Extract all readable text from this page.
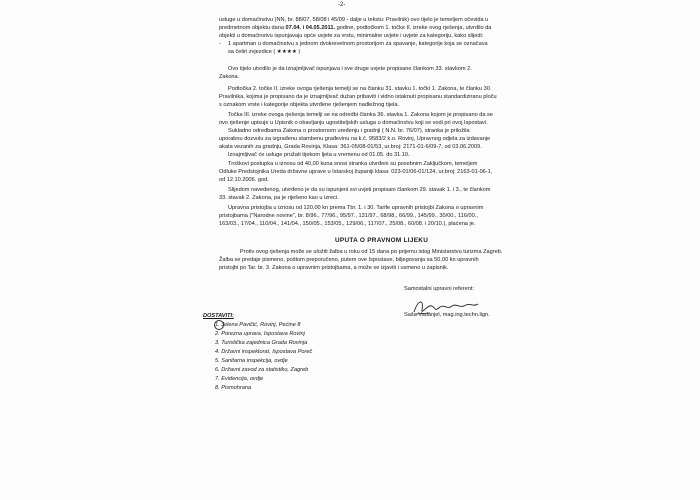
-2-
usluge u domaćinstvu (NN, br. 88/07, 58/08 i 45/09 - dalje u tekstu: Pravilnik) ovo tijelo je temeljem očevida u
predmetnom objektu dana 07.04. i 04.05.2011. godine, podtočkom 1. točke II. izreke ovog rješenja, utvrdilo da
objekti u domaćinstvu ispunjavaju opće uvjete za vrstu, minimalne uvjete i uvjete za kategoriju, kako slijedi:
- 1 apartman u domaćinstvu s jednom dvokrevetnom prostorijom za spavanje, kategorije koja se označava
sa četiri zvjezdice ( ★★★★ )
Ovo tijelo utvrdilo je da iznajmljivač ispunjava i sve druge uvjete propisane člankom 33. stavkom 2.
Zakona.
Podtočka 2. točke II. izreke ovoga rješenja temelji se na članku 31. stavku 1. točki 1. Zakona, te članku 30.
Pravilnika, kojima je propisano da je iznajmljivač dužan pribaviti i vidno istaknuti propisanu standardiziranu ploču
s oznakom vrste i kategorije objekta utvrđene rješenjem nadležnog tijela.
Točka III. izreke ovoga rješenja temelji se na odredbi članka 36. stavka 1. Zakona kojom je propisano da se
ovo rješenje upisuje u Upisnik o obavljanju ugostiteljskih usluga u domaćinstvu koji se vodi pri ovoj Ispostavi.
Sukladno odredbama Zakona o prostornom uređenju i gradnji ( N.N. br. 76/07), stranka je priložila
uporabnu dozvolu za izgrađenu stambenu građevinu na k.č. 9583/2 k.o. Rovinj, Upravnog odjela za izdavanje
akata vezanih za gradnju, Grada Rovinja, Klasa: 361-05/08-01/53, ur.broj: 2171-01-6/09-7, od 03.06.2009.
Iznajmljivač će usluge pružati tijekom ljeta u vremenu od 01.05. do 31.10.
Troškovi postupka u iznosu od 40,00 kuna snosi stranka utvrđeni su posebnim Zaključkom, temeljem
Odluke Predstojnika Ureda državne uprave u Istarskoj županiji klasa: 023-01/06-01/124, ur.broj: 2163-01-06-1,
od 12.10.2006. god.
Slijedom navedenog, utvrđeno je da su ispunjeni svi uvjeti propisani člankom 29. stavak 1. i 3., te člankom
33. stavak 2. Zakona, pa je riješeno kao u izreci.
Upravna pristojba u iznosu od 120,00 kn prema Tbr. 1. i 30. Tarife upravnih pristojbi Zakona o upravnim
pristojbama ("Narodne novine", br. 8/96., 77/96., 95/97., 131/97., 68/98., 66/99., 145/99., 30/00., 116/00.,
163/03., 17/04., 110/04., 141/04., 150/05., 153/05., 129/06., 117/07., 25/08., 60/08. i 20/10.), plaćena je.
UPUTA O PRAVNOM LIJEKU
Protiv ovog rješenja može se uložiti žalba u roku od 15 dana po prijemu istog Ministarstvu turizma Zagreb.
Žalba se predaje pismeno, poštom preporučeno, putem ove Ispostave, biljegovanja sa 50,00 kn upravnih
pristojbi po Tar. br. 3. Zakona o upravnim pristojbama, a može se izjaviti i usmeno u zapisnik.
Samostalni upravni referent:
Saša Vadanjel, mag.ing.techn.lign.
DOSTAVITI:
1. Jelena Pavičić, Rovinj, Pećine 8
2. Porezna uprava, Ispostava Rovinj
3. Turistička zajednica Grada Rovinja
4. Državni inspektorat, Ispostava Poreč
5. Sanitarna inspekcija, ovdje
6. Državni zavod za statistiku, Zagreb
7. Evidencija, ovdje
8. Pismohrana
